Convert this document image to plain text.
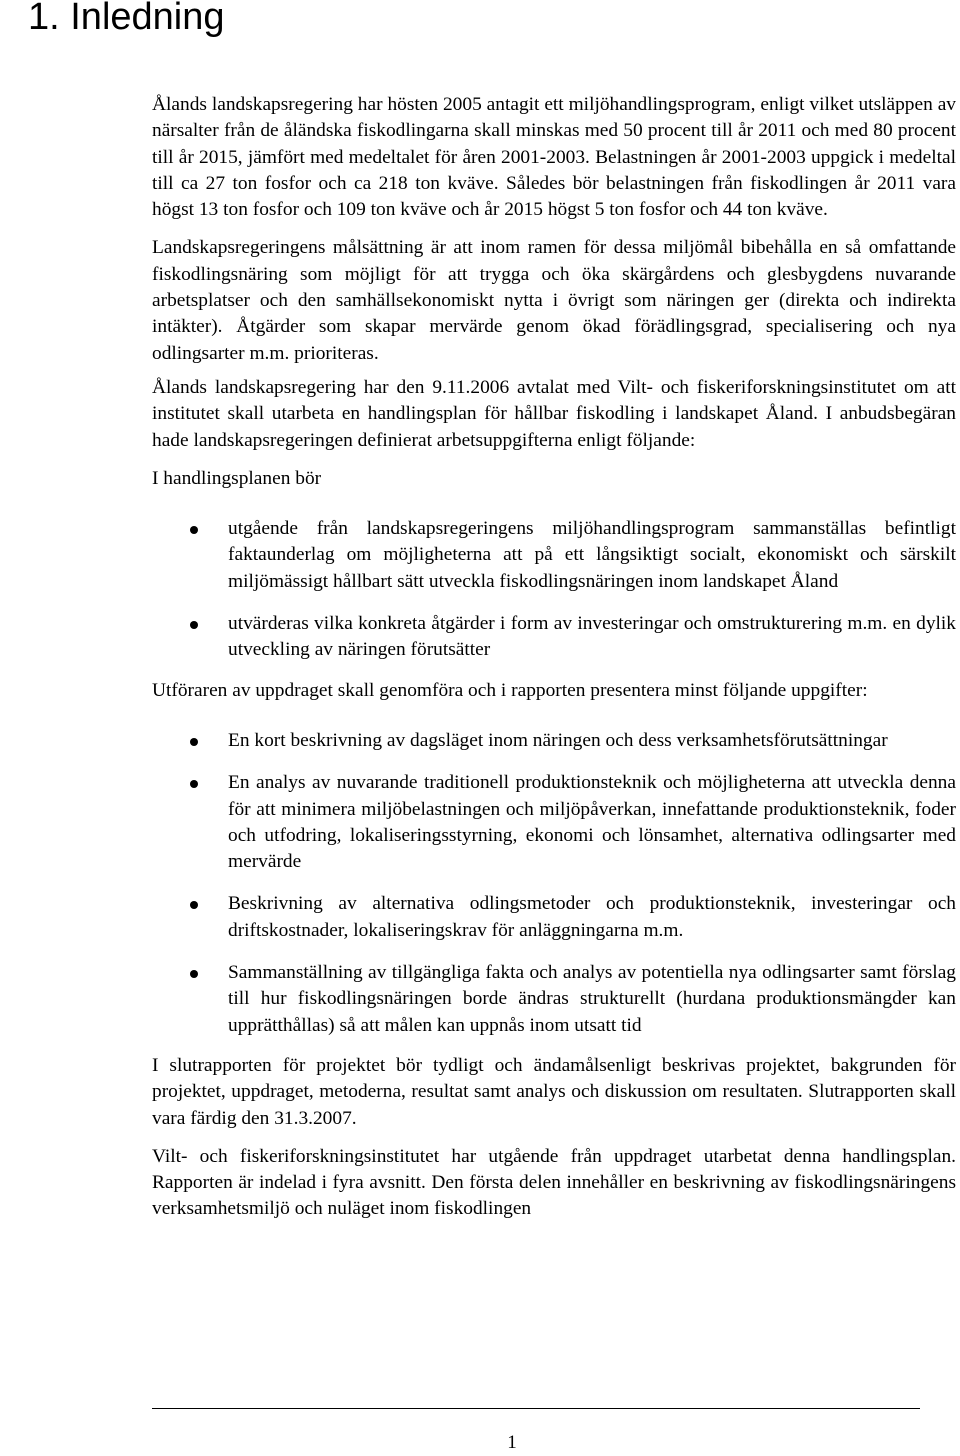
1. Inledning

Ålands landskapsregering har hösten 2005 antagit ett miljöhandlingsprogram, enligt vilket utsläppen av närsalter från de åländska fiskodlingarna skall minskas med 50 procent till år 2011 och med 80 procent till år 2015, jämfört med medeltalet för åren 2001-2003. Belastningen år 2001-2003 uppgick i medeltal till ca 27 ton fosfor och ca 218 ton kväve. Således bör belastningen från fiskodlingen år 2011 vara högst 13 ton fosfor och 109 ton kväve och år 2015 högst 5 ton fosfor och 44 ton kväve.

Landskapsregeringens målsättning är att inom ramen för dessa miljömål bibehålla en så omfattande fiskodlingsnäring som möjligt för att trygga och öka skärgårdens och glesbygdens nuvarande arbetsplatser och den samhällsekonomiskt nytta i övrigt som näringen ger (direkta och indirekta intäkter). Åtgärder som skapar mervärde genom ökad förädlingsgrad, specialisering och nya odlingsarter m.m. prioriteras.

Ålands landskapsregering har den 9.11.2006 avtalat med Vilt- och fiskeriforskningsinstitutet om att institutet skall utarbeta en handlingsplan för hållbar fiskodling i landskapet Åland. I anbudsbegäran hade landskapsregeringen definierat arbetsuppgifterna enligt följande:

I handlingsplanen bör

utgående från landskapsregeringens miljöhandlingsprogram sammanställas befintligt faktaunderlag om möjligheterna att på ett långsiktigt socialt, ekonomiskt och särskilt miljömässigt hållbart sätt utveckla fiskodlingsnäringen inom landskapet Åland
utvärderas vilka konkreta åtgärder i form av investeringar och omstrukturering m.m. en dylik utveckling av näringen förutsätter

Utföraren av uppdraget skall genomföra och i rapporten presentera minst följande uppgifter:

En kort beskrivning av dagsläget inom näringen och dess verksamhetsförutsättningar
En analys av nuvarande traditionell produktionsteknik och möjligheterna att utveckla denna för att minimera miljöbelastningen och miljöpåverkan, innefattande produktionsteknik, foder och utfodring, lokaliseringsstyrning, ekonomi och lönsamhet, alternativa odlingsarter med mervärde
Beskrivning av alternativa odlingsmetoder och produktionsteknik, investeringar och driftskostnader, lokaliseringskrav för anläggningarna m.m.
Sammanställning av tillgängliga fakta och analys av potentiella nya odlingsarter samt förslag till hur fiskodlingsnäringen borde ändras strukturellt (hurdana produktionsmängder kan upprätthållas) så att målen kan uppnås inom utsatt tid

I slutrapporten för projektet bör tydligt och ändamålsenligt beskrivas projektet, bakgrunden för projektet, uppdraget, metoderna, resultat samt analys och diskussion om resultaten. Slutrapporten skall vara färdig den 31.3.2007.

Vilt- och fiskeriforskningsinstitutet har utgående från uppdraget utarbetat denna handlingsplan. Rapporten är indelad i fyra avsnitt. Den första delen innehåller en beskrivning av fiskodlingsnäringens verksamhetsmiljö och nuläget inom fiskodlingen

1
